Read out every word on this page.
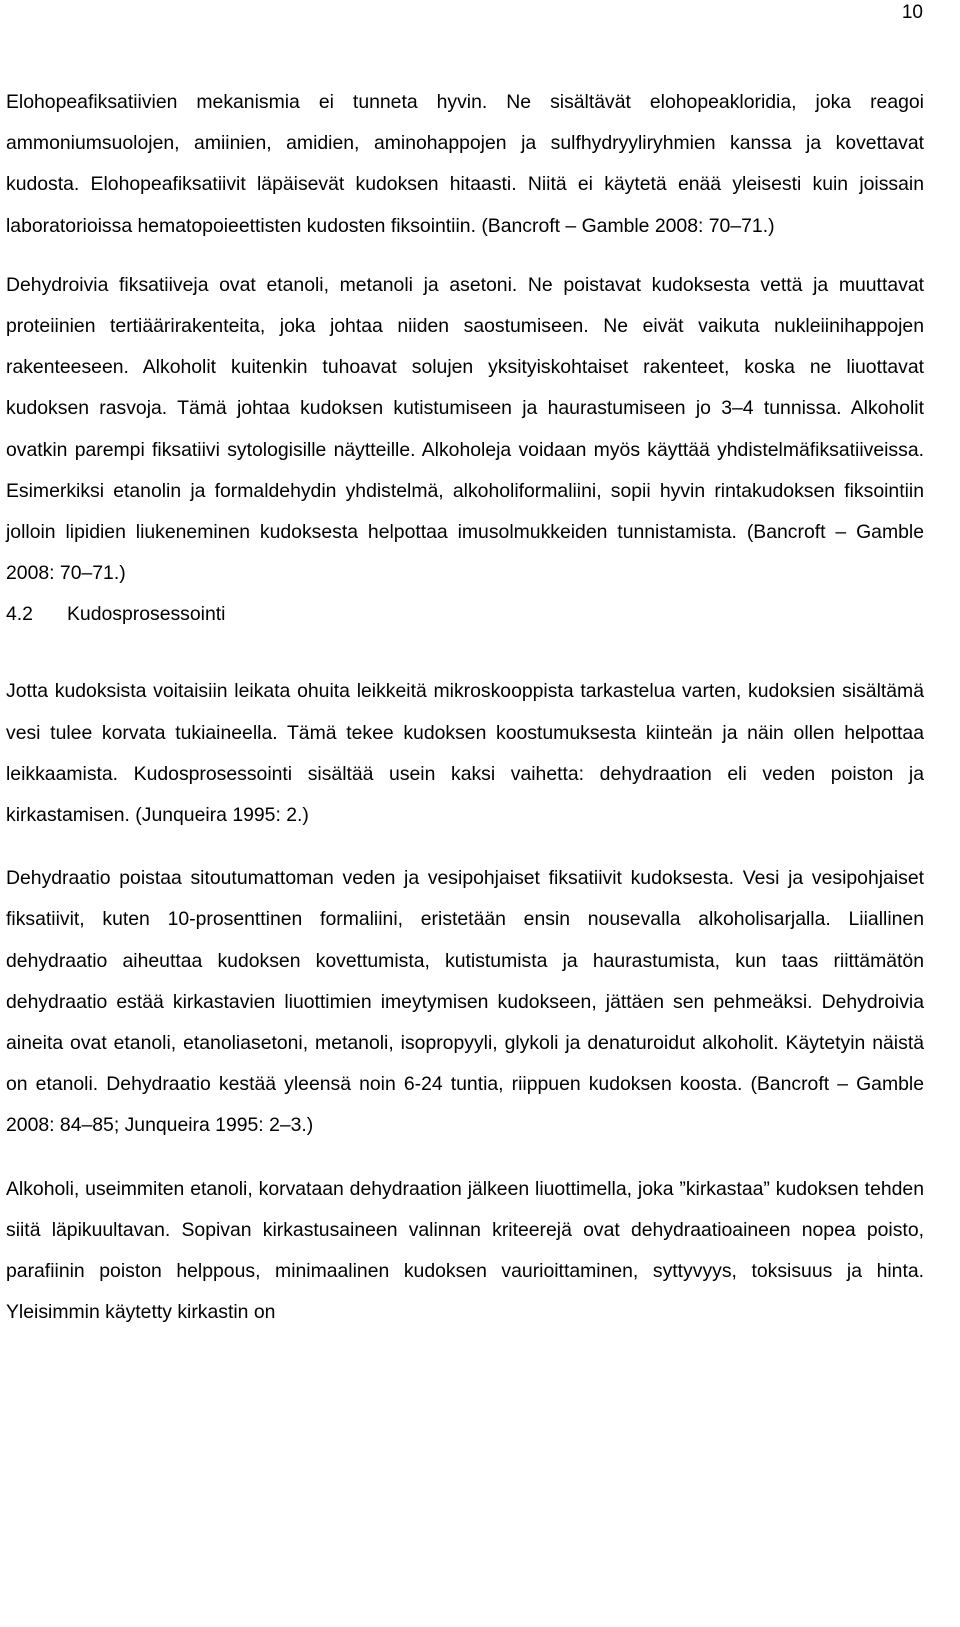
10

Elohopeafiksatiivien mekanismia ei tunneta hyvin. Ne sisältävät elohopeakloridia, joka reagoi ammoniumsuolojen, amiinien, amidien, aminohappojen ja sulfhydryyliryhmien kanssa ja kovettavat kudosta. Elohopeafiksatiivit läpäisevät kudoksen hitaasti. Niitä ei käytetä enää yleisesti kuin joissain laboratorioissa hematopoieettisten kudosten fiksointiin. (Bancroft – Gamble 2008: 70–71.)

Dehydroivia fiksatiiveja ovat etanoli, metanoli ja asetoni. Ne poistavat kudoksesta vettä ja muuttavat proteiinien tertiäärirakenteita, joka johtaa niiden saostumiseen. Ne eivät vaikuta nukleiinihappojen rakenteeseen. Alkoholit kuitenkin tuhoavat solujen yksityiskohtaiset rakenteet, koska ne liuottavat kudoksen rasvoja. Tämä johtaa kudoksen kutistumiseen ja haurastumiseen jo 3–4 tunnissa. Alkoholit ovatkin parempi fiksatiivi sytologisille näytteille. Alkoholeja voidaan myös käyttää yhdistelmäfiksatiiveissa. Esimerkiksi etanolin ja formaldehydin yhdistelmä, alkoholiformaliini, sopii hyvin rintakudoksen fiksointiin jolloin lipidien liukeneminen kudoksesta helpottaa imusolmukkeiden tunnistamista. (Bancroft – Gamble 2008: 70–71.)

4.2	Kudosprosessointi

Jotta kudoksista voitaisiin leikata ohuita leikkeitä mikroskooppista tarkastelua varten, kudoksien sisältämä vesi tulee korvata tukiaineella. Tämä tekee kudoksen koostumuksesta kiinteän ja näin ollen helpottaa leikkaamista. Kudosprosessointi sisältää usein kaksi vaihetta: dehydraation eli veden poiston ja kirkastamisen. (Junqueira 1995: 2.)

Dehydraatio poistaa sitoutumattoman veden ja vesipohjaiset fiksatiivit kudoksesta. Vesi ja vesipohjaiset fiksatiivit, kuten 10-prosenttinen formaliini, eristetään ensin nousevalla alkoholisarjalla. Liiallinen dehydraatio aiheuttaa kudoksen kovettumista, kutistumista ja haurastumista, kun taas riittämätön dehydraatio estää kirkastavien liuottimien imeytymisen kudokseen, jättäen sen pehmeäksi. Dehydroivia aineita ovat etanoli, etanoliasetoni, metanoli, isopropyyli, glykoli ja denaturoidut alkoholit. Käytetyin näistä on etanoli. Dehydraatio kestää yleensä noin 6-24 tuntia, riippuen kudoksen koosta. (Bancroft – Gamble 2008: 84–85; Junqueira 1995: 2–3.)

Alkoholi, useimmiten etanoli, korvataan dehydraation jälkeen liuottimella, joka ”kirkastaa” kudoksen tehden siitä läpikuultavan. Sopivan kirkastusaineen valinnan kriteerejä ovat dehydraatioaineen nopea poisto, parafiinin poiston helppous, minimaalinen kudoksen vaurioittaminen, syttyvyys, toksisuus ja hinta. Yleisimmin käytetty kirkastin on
